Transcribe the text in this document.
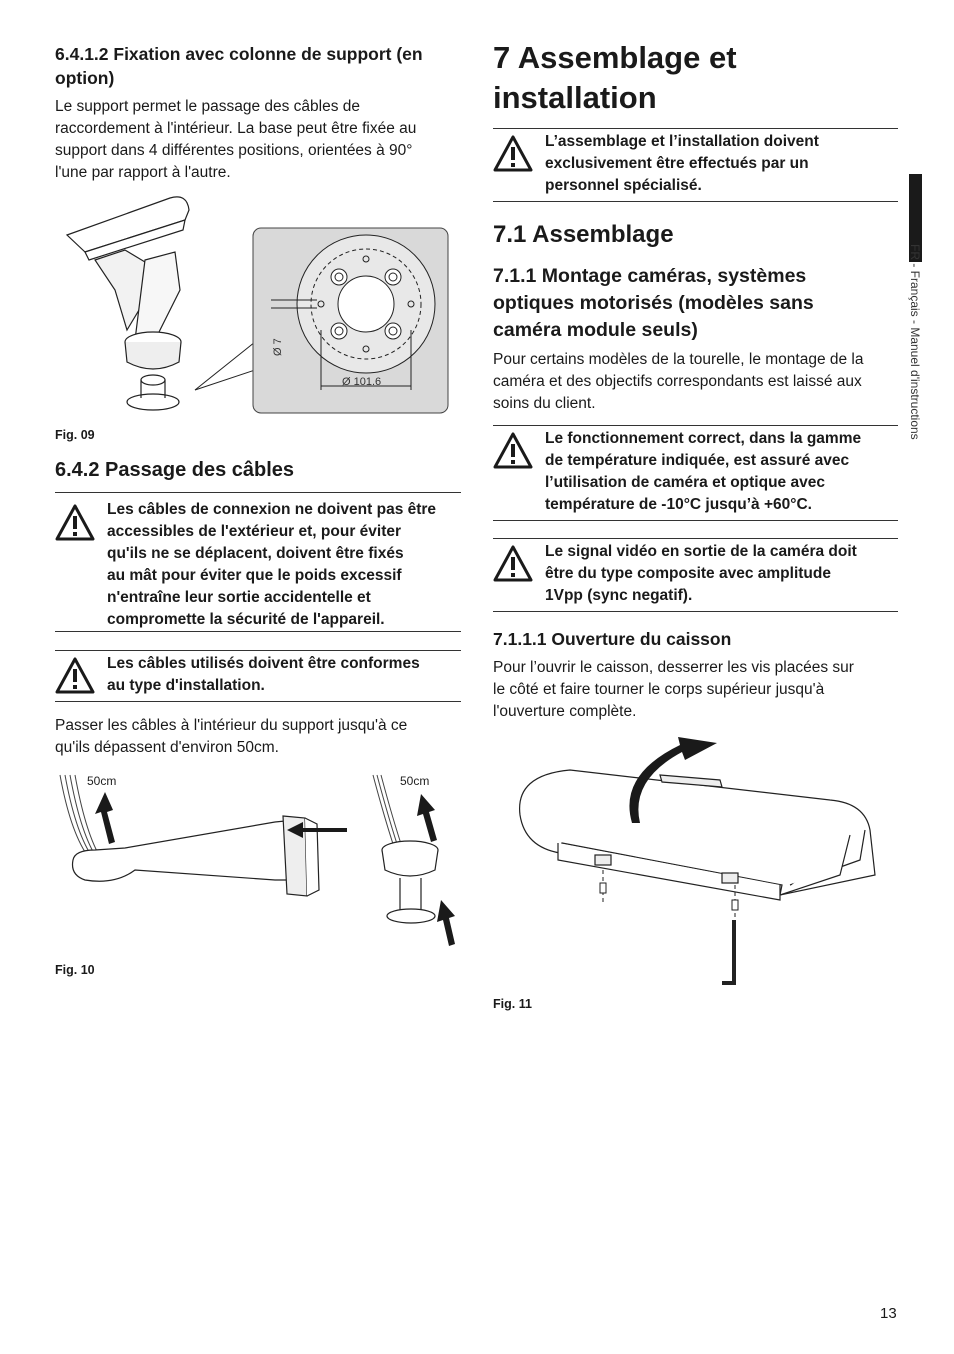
6.4.1.2 Fixation avec colonne de support (en
option)
Le support permet le passage des câbles de
raccordement à l'intérieur. La base peut être fixée au
support dans 4 différentes positions, orientées à 90°
l'une par rapport à l'autre.
Ø 7
Ø 101.6
Fig. 09
6.4.2 Passage des câbles
Les câbles de connexion ne doivent pas être
accessibles de l'extérieur et, pour éviter
qu'ils ne se déplacent, doivent être fixés
au mât pour éviter que le poids excessif
n'entraîne leur sortie accidentelle et
compromette la sécurité de l'appareil.
Les câbles utilisés doivent être conformes
au type d'installation.
Passer les câbles à l'intérieur du support jusqu'à ce
qu'ils dépassent d'environ 50cm.
50cm	50cm
Fig. 10
7 Assemblage et
installation
L’assemblage et l’installation doivent
exclusivement être effectués par un
personnel spécialisé.
7.1 Assemblage
7.1.1 Montage caméras, systèmes
optiques motorisés (modèles sans
caméra module seuls)
Pour certains modèles de la tourelle, le montage de la
caméra et des objectifs correspondants est laissé aux
soins du client.
Le fonctionnement correct, dans la gamme
de température indiquée, est assuré avec
l’utilisation de caméra et optique avec
température de -10°C jusqu’à +60°C.
Le signal vidéo en sortie de la caméra doit
être du type composite avec amplitude
1Vpp (sync negatif).
7.1.1.1 Ouverture du caisson
Pour l’ouvrir le caisson, desserrer les vis placées sur
le côté et faire tourner le corps supérieur jusqu'à
l'ouverture complète.
Fig. 11
FR - Français - Manuel d'instructions
13
